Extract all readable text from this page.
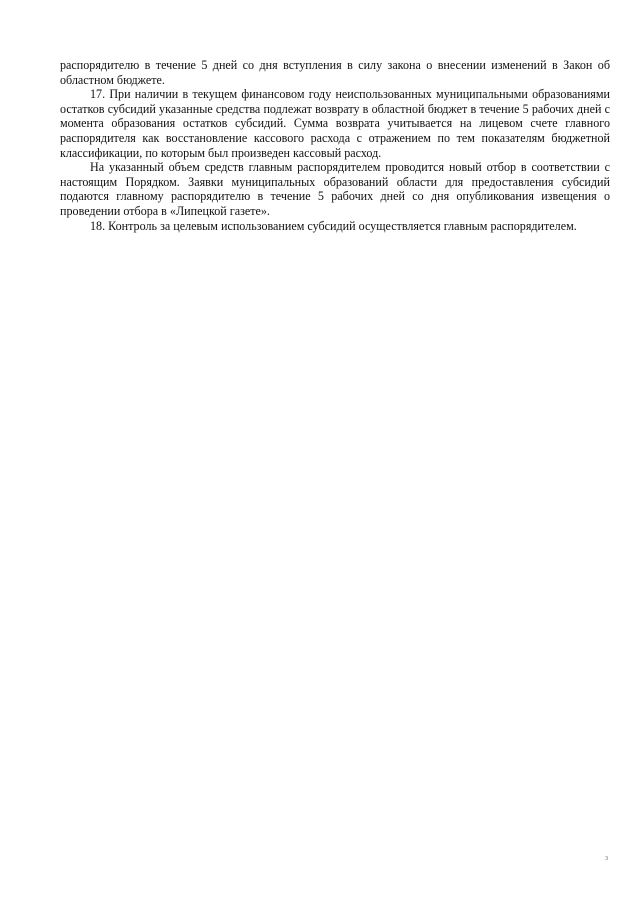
распорядителю в течение 5 дней со дня вступления в силу закона о внесении изменений в Закон об областном бюджете.

17. При наличии в текущем финансовом году неиспользованных муниципальными образованиями остатков субсидий указанные средства подлежат возврату в областной бюджет в течение 5 рабочих дней с момента образования остатков субсидий. Сумма возврата учитывается на лицевом счете главного распорядителя как восстановление кассового расхода с отражением по тем показателям бюджетной классификации, по которым был произведен кассовый расход.

На указанный объем средств главным распорядителем проводится новый отбор в соответствии с настоящим Порядком. Заявки муниципальных образований области для предоставления субсидий подаются главному распорядителю в течение 5 рабочих дней со дня опубликования извещения о проведении отбора в «Липецкой газете».

18. Контроль за целевым использованием субсидий осуществляется главным распорядителем.

3
